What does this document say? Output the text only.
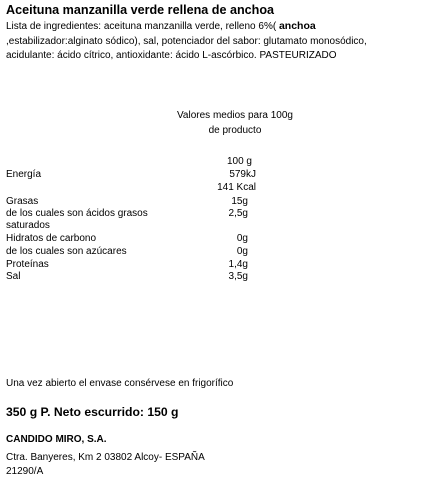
Aceituna manzanilla verde rellena de anchoa
Lista de ingredientes: aceituna manzanilla verde, relleno 6%( anchoa
,estabilizador:alginato sódico), sal, potenciador del sabor: glutamato monosódico,
acidulante: ácido cítrico, antioxidante: ácido L-ascórbico. PASTEURIZADO
Valores medios para 100g
de producto
100 g
Energía	579kJ
141 Kcal
Grasas	15g
de los cuales son ácidos grasos	2,5g
saturados
Hidratos de carbono	0g
de los cuales son azúcares	0g
Proteínas	1,4g
Sal	3,5g
Una vez abierto el envase consérvese en frigorífico
350 g P. Neto escurrido: 150 g
CANDIDO MIRO, S.A.
Ctra. Banyeres, Km 2 03802 Alcoy- ESPAÑA
21290/A
